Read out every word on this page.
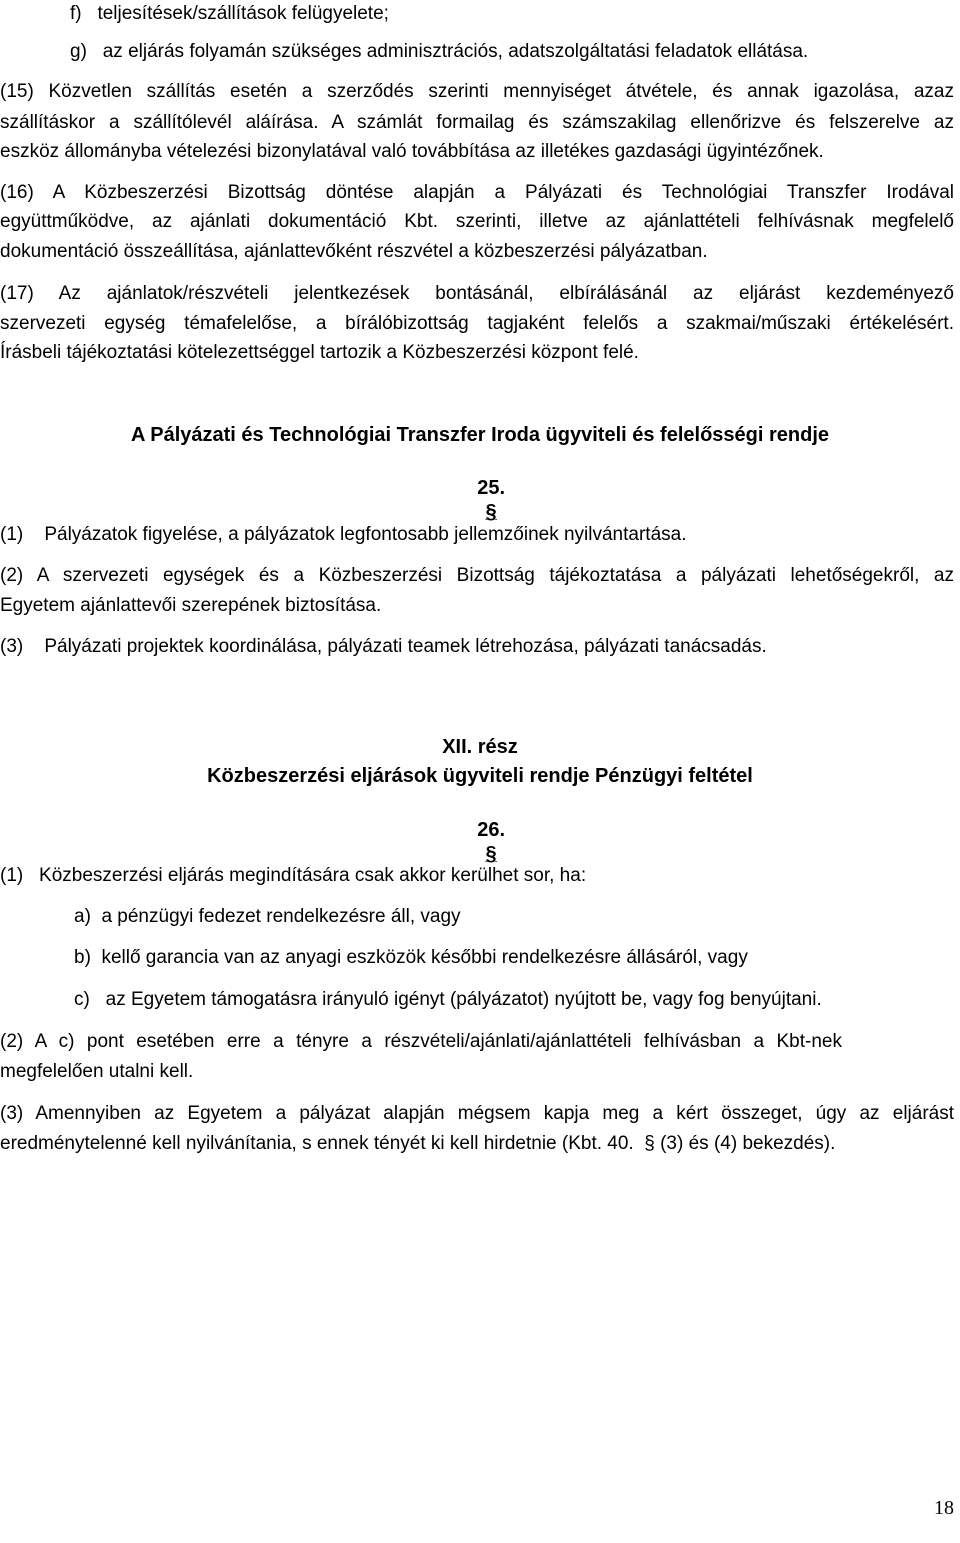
f)   teljesítések/szállítások felügyelete;
g)   az eljárás folyamán szükséges adminisztrációs, adatszolgáltatási feladatok ellátása.
(15) Közvetlen szállítás esetén a szerződés szerinti mennyiséget átvétele, és annak igazolása, azaz
szállításkor a szállítólevél aláírása. A számlát formailag és számszakilag ellenőrizve és felszerelve az
eszköz állományba vételezési bizonylatával való továbbítása az illetékes gazdasági ügyintézőnek.
(16) A Közbeszerzési Bizottság döntése alapján a Pályázati és Technológiai Transzfer Irodával
együttműködve, az ajánlati dokumentáció Kbt. szerinti, illetve az ajánlattételi felhívásnak megfelelő
dokumentáció összeállítása, ajánlattevőként részvétel a közbeszerzési pályázatban.
(17) Az ajánlatok/részvételi jelentkezések bontásánál, elbírálásánál az eljárást kezdeményező
szervezeti egység témafelelőse, a bírálóbizottság tagjaként felelős a szakmai/műszaki értékelésért.
Írásbeli tájékoztatási kötelezettséggel tartozik a Közbeszerzési központ felé.
A Pályázati és Technológiai Transzfer Iroda ügyviteli és felelősségi rendje

25.
§

(1)    Pályázatok figyelése, a pályázatok legfontosabb jellemzőinek nyilvántartása.
(2) A szervezeti egységek és a Közbeszerzési Bizottság tájékoztatása a pályázati lehetőségekről, az
Egyetem ajánlattevői szerepének biztosítása.
(3)    Pályázati projektek koordinálása, pályázati teamek létrehozása, pályázati tanácsadás.
XII. rész
Közbeszerzési eljárások ügyviteli rendje Pénzügyi feltétel

26.
§

(1)   Közbeszerzési eljárás megindítására csak akkor kerülhet sor, ha:
a)  a pénzügyi fedezet rendelkezésre áll, vagy
b)  kellő garancia van az anyagi eszközök későbbi rendelkezésre állásáról, vagy
c)   az Egyetem támogatásra irányuló igényt (pályázatot) nyújtott be, vagy fog benyújtani.
(2) A c) pont esetében erre a tényre a részvételi/ajánlati/ajánlattételi felhívásban a Kbt-nek
megfelelően utalni kell.
(3) Amennyiben az Egyetem a pályázat alapján mégsem kapja meg a kért összeget, úgy az eljárást
eredménytelenné kell nyilvánítania, s ennek tényét ki kell hirdetnie (Kbt. 40.  § (3) és (4) bekezdés).
18
